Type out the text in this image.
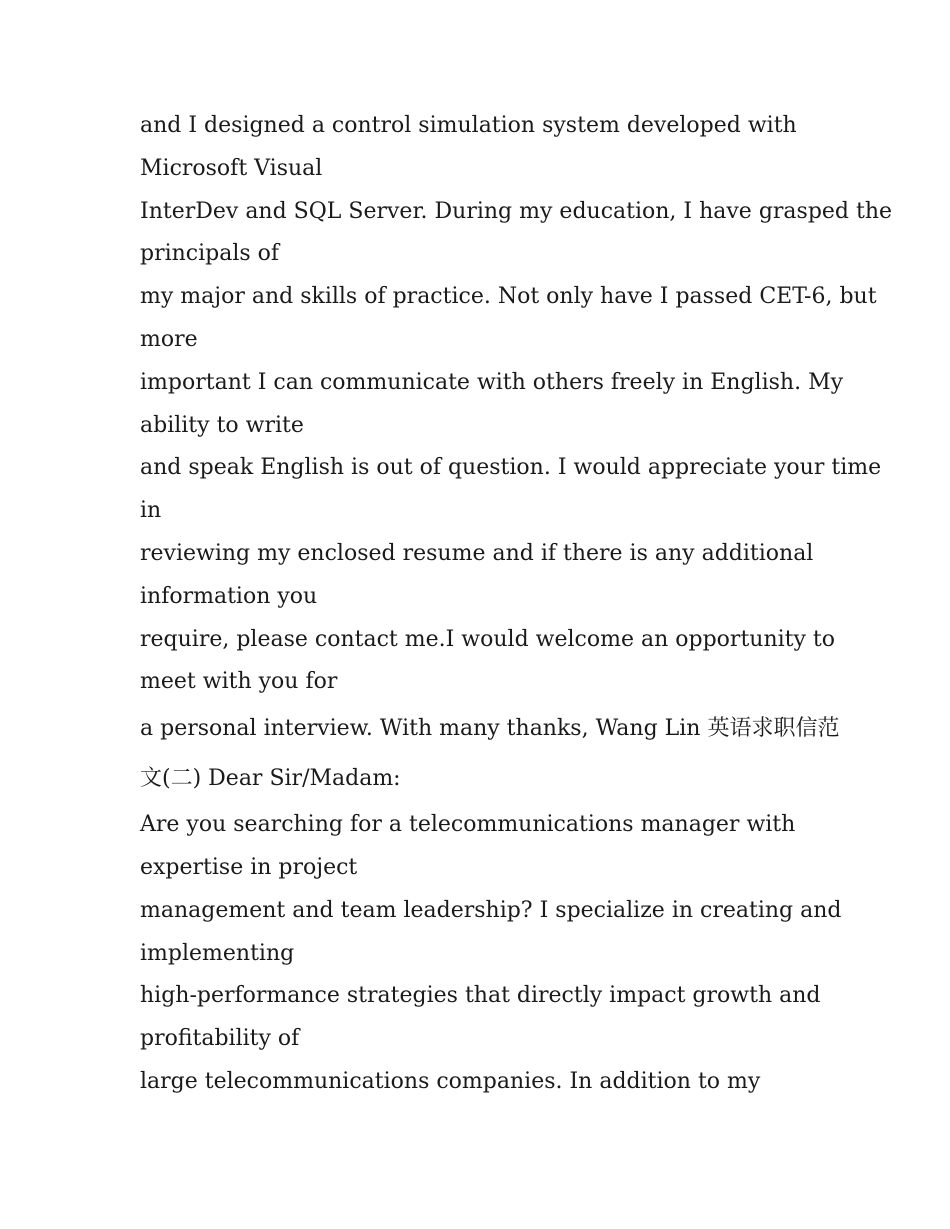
and I designed a control simulation system developed with
Microsoft Visual
InterDev and SQL Server. During my education, I have grasped the
principals of
my major and skills of practice. Not only have I passed CET-6, but
more
important I can communicate with others freely in English. My
ability to write
and speak English is out of question. I would appreciate your time
in
reviewing my enclosed resume and if there is any additional
information you
require, please contact me.I would welcome an opportunity to
meet with you for
a personal interview. With many thanks, Wang Lin 英语求职信范
文(二) Dear Sir/Madam:
Are you searching for a telecommunications manager with
expertise in project
management and team leadership? I specialize in creating and
implementing
high-performance strategies that directly impact growth and
profitability of
large telecommunications companies. In addition to my
